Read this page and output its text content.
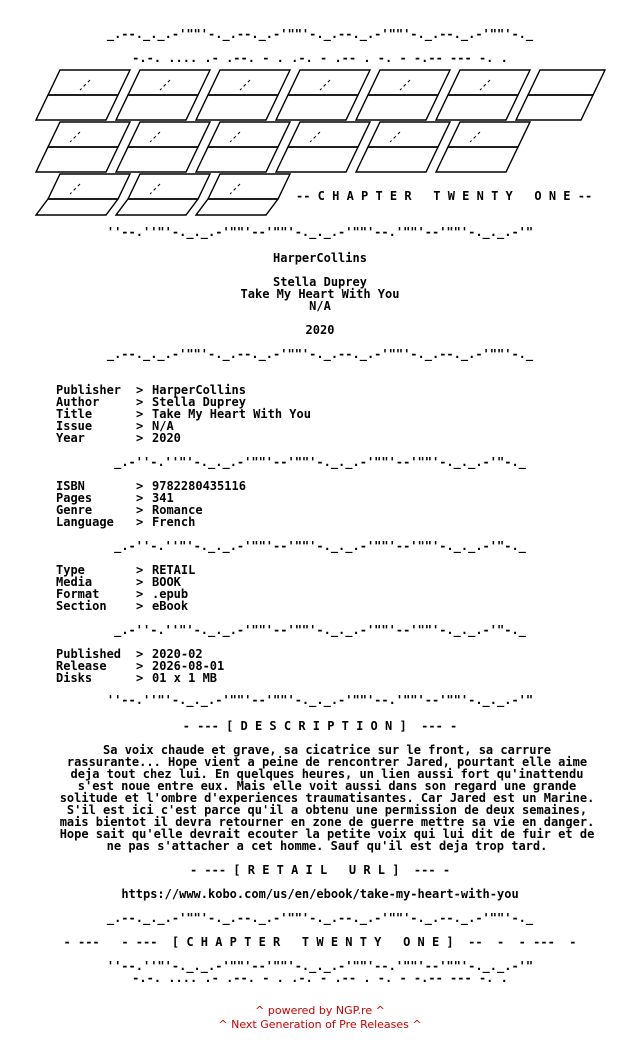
_.--._._.-'""'-._.--._.-'""'-._.--._.-'""'-._.--._.-'""'-._
-.-. .... .- .--. - . .-. - .-- . -. - -.-- --- -. .
-- C H A P T E R   T W E N T Y   O N E --
''--.''"'-._._.-'""'--'""'-._._.-'""'--.'""'--'""'-._._.-'"
HarperCollins
Stella Duprey
Take My Heart With You
N/A
2020
_.--._._.-'""'-._.--._.-'""'-._.--._.-'""'-._.--._.-'""'-._
Publisher > HarperCollins
Author	> Stella Duprey
Title	> Take My Heart With You
Issue	> N/A
Year	> 2020
_.-''-.''"'-._._.-'""'--'""'-._._.-'""'--'""'-._._.-'"-._
ISBN	> 9782280435116
Pages	> 341
Genre	> Romance
Language > French
_.-''-.''"'-._._.-'""'--'""'-._._.-'""'--'""'-._._.-'"-._
Type	> RETAIL
Media	> BOOK
Format	> .epub
Section > eBook
_.-''-.''"'-._._.-'""'--'""'-._._.-'""'--'""'-._._.-'"-._
Published > 2020-02
Release > 2026-08-01
Disks	> 01 x 1 MB
''--.''"'-._._.-'""'--'""'-._._.-'""'--.'""'--'""'-._._.-'"
- --- [ D E S C R I P T I O N ]  --- -
Sa voix chaude et grave, sa cicatrice sur le front, sa carrure
rassurante... Hope vient a peine de rencontrer Jared, pourtant elle aime
deja tout chez lui. En quelques heures, un lien aussi fort qu'inattendu
s'est noue entre eux. Mais elle voit aussi dans son regard une grande
solitude et l'ombre d'experiences traumatisantes. Car Jared est un Marine.
S'il est ici c'est parce qu'il a obtenu une permission de deux semaines,
mais bientot il devra retourner en zone de guerre mettre sa vie en danger.
Hope sait qu'elle devrait ecouter la petite voix qui lui dit de fuir et de
ne pas s'attacher a cet homme. Sauf qu'il est deja trop tard.
- --- [ R E T A I L   U R L ]  --- -
https://www.kobo.com/us/en/ebook/take-my-heart-with-you
_.--._._.-'""'-._.--._.-'""'-._.--._.-'""'-._.--._.-'""'-._
- ---   - ---  [ C H A P T E R   T W E N T Y   O N E ]  --  -  - ---  -
''--.''"'-._._.-'""'--'""'-._._.-'""'--.'""'--'""'-._._.-'"
-.-. .... .- .--. - . .-. - .-- . -. - -.-- --- -. .
^ powered by NGP.re ^
^ Next Generation of Pre Releases ^
